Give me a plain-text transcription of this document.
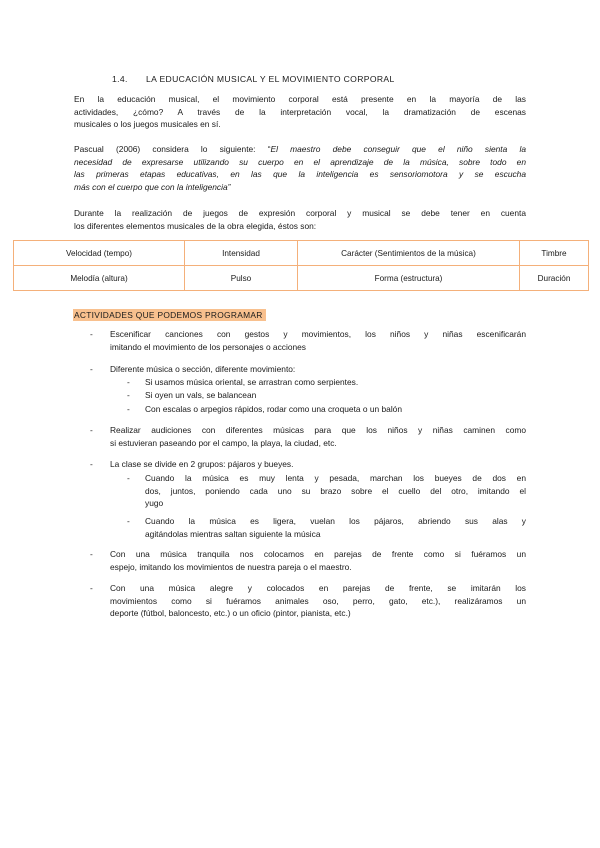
1.4. LA EDUCACIÓN MUSICAL Y EL MOVIMIENTO CORPORAL
En la educación musical, el movimiento corporal está presente en la mayoría de las
actividades, ¿cómo? A través de la interpretación vocal, la dramatización de escenas
musicales o los juegos musicales en sí.
Pascual (2006) considera lo siguiente: “El maestro debe conseguir que el niño sienta la
necesidad de expresarse utilizando su cuerpo en el aprendizaje de la música, sobre todo en
las primeras etapas educativas, en las que la inteligencia es sensoriomotora y se escucha
más con el cuerpo que con la inteligencia”
Durante la realización de juegos de expresión corporal y musical se debe tener en cuenta
los diferentes elementos musicales de la obra elegida, éstos son:
Velocidad (tempo)	Intensidad	Carácter (Sentimientos de la música)	Timbre
Melodía (altura)	Pulso	Forma (estructura)	Duración
ACTIVIDADES QUE PODEMOS PROGRAMAR
- Escenificar canciones con gestos y movimientos, los niños y niñas escenificarán
imitando el movimiento de los personajes o acciones
- Diferente música o sección, diferente movimiento:
- Si usamos música oriental, se arrastran como serpientes.
- Si oyen un vals, se balancean
- Con escalas o arpegios rápidos, rodar como una croqueta o un balón
- Realizar audiciones con diferentes músicas para que los niños y niñas caminen como
si estuvieran paseando por el campo, la playa, la ciudad, etc.
- La clase se divide en 2 grupos: pájaros y bueyes.
- Cuando la música es muy lenta y pesada, marchan los bueyes de dos en
dos, juntos, poniendo cada uno su brazo sobre el cuello del otro, imitando el
yugo
- Cuando la música es ligera, vuelan los pájaros, abriendo sus alas y
agitándolas mientras saltan siguiente la música
- Con una música tranquila nos colocamos en parejas de frente como si fuéramos un
espejo, imitando los movimientos de nuestra pareja o el maestro.
- Con una música alegre y colocados en parejas de frente, se imitarán los
movimientos como si fuéramos animales oso, perro, gato, etc.), realizáramos un
deporte (fútbol, baloncesto, etc.) o un oficio (pintor, pianista, etc.)
